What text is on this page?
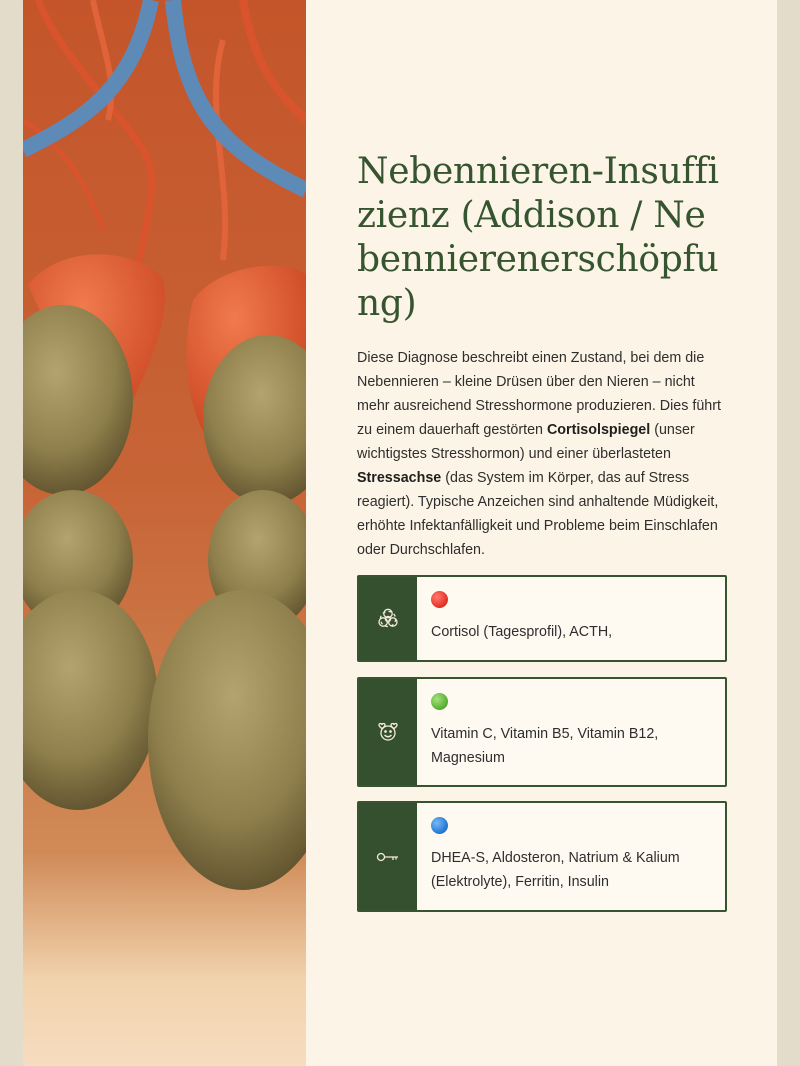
Nebennieren-Insuffizienz (Addison / Nebennierenerschöpfung)

Diese Diagnose beschreibt einen Zustand, bei dem die Nebennieren – kleine Drüsen über den Nieren – nicht mehr ausreichend Stresshormone produzieren. Dies führt zu einem dauerhaft gestörten Cortisolspiegel (unser wichtigstes Stresshormon) und einer überlasteten Stressachse (das System im Körper, das auf Stress reagiert). Typische Anzeichen sind anhaltende Müdigkeit, erhöhte Infektanfälligkeit und Probleme beim Einschlafen oder Durchschlafen.

Cortisol (Tagesprofil), ACTH,
Vitamin C, Vitamin B5, Vitamin B12, Magnesium
DHEA-S, Aldosteron, Natrium & Kalium (Elektrolyte), Ferritin, Insulin
